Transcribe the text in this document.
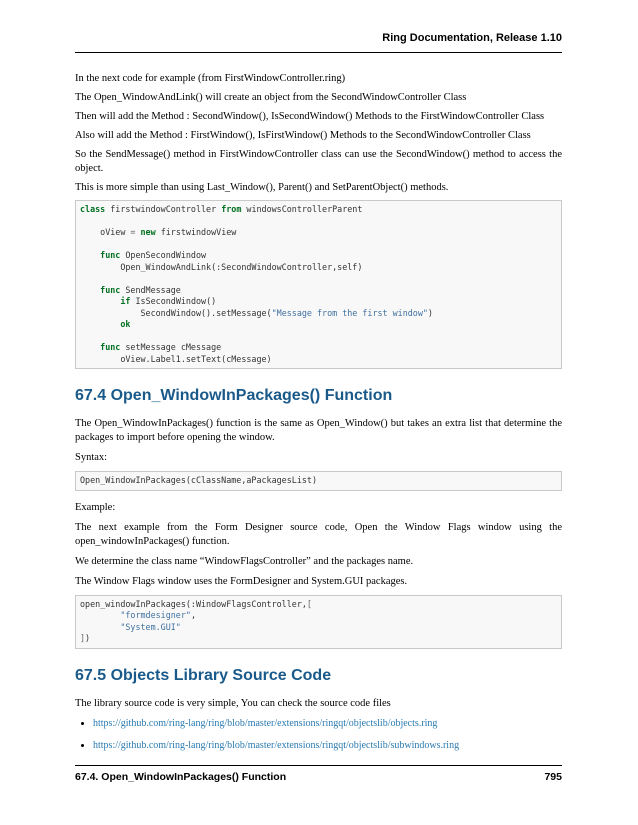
Ring Documentation, Release 1.10

In the next code for example (from FirstWindowController.ring)

The Open_WindowAndLink() will create an object from the SecondWindowController Class

Then will add the Method : SecondWindow(), IsSecondWindow() Methods to the FirstWindowController Class

Also will add the Method : FirstWindow(), IsFirstWindow() Methods to the SecondWindowController Class

So the SendMessage() method in FirstWindowController class can use the SecondWindow() method to access the object.

This is more simple than using Last_Window(), Parent() and SetParentObject() methods.

class firstwindowController from windowsControllerParent

oView = new firstwindowView

func OpenSecondWindow
Open_WindowAndLink(:SecondWindowController,self)

func SendMessage
if IsSecondWindow()
SecondWindow().setMessage("Message from the first window")
ok

func setMessage cMessage
oView.Label1.setText(cMessage)
67.4 Open_WindowInPackages() Function

The Open_WindowInPackages() function is the same as Open_Window() but takes an extra list that determine the packages to import before opening the window.

Syntax:

Open_WindowInPackages(cClassName,aPackagesList)

Example:

The next example from the Form Designer source code, Open the Window Flags window using the open_windowInPackages() function.

We determine the class name “WindowFlagsController” and the packages name.

The Window Flags window uses the FormDesigner and System.GUI packages.

open_windowInPackages(:WindowFlagsController,[
"formdesigner",
"System.GUI"
])
67.5 Objects Library Source Code

The library source code is very simple, You can check the source code files

• https://github.com/ring-lang/ring/blob/master/extensions/ringqt/objectslib/objects.ring
• https://github.com/ring-lang/ring/blob/master/extensions/ringqt/objectslib/subwindows.ring
67.4. Open_WindowInPackages() Function	795
